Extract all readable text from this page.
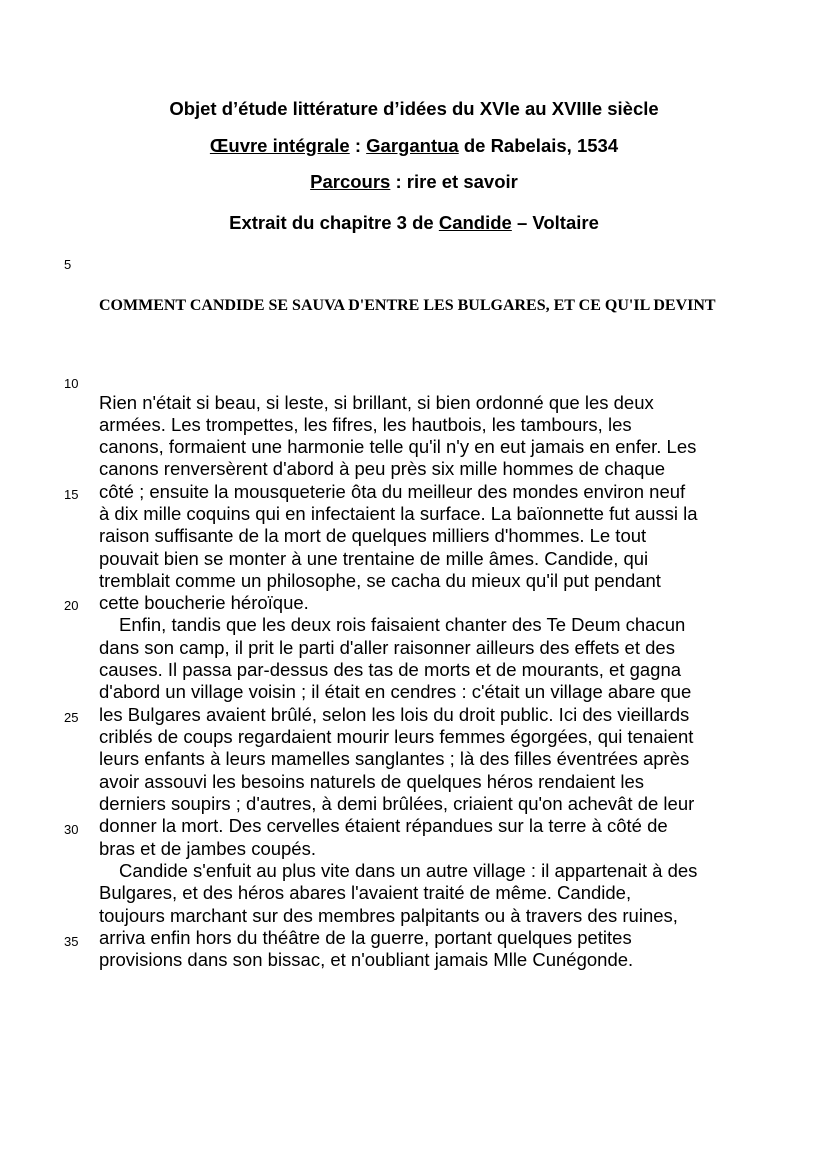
Objet d’étude littérature d’idées du XVIe au XVIIIe siècle
Œuvre intégrale : Gargantua de Rabelais, 1534
Parcours : rire et savoir
Extrait du chapitre 3 de Candide – Voltaire
5
10
15
20
25
30
35
COMMENT CANDIDE SE SAUVA D'ENTRE LES BULGARES, ET CE QU'IL DEVINT
Rien n'était si beau, si leste, si brillant, si bien ordonné que les deux
armées. Les trompettes, les fifres, les hautbois, les tambours, les
canons, formaient une harmonie telle qu'il n'y en eut jamais en enfer. Les
canons renversèrent d'abord à peu près six mille hommes de chaque
côté ; ensuite la mousqueterie ôta du meilleur des mondes environ neuf
à dix mille coquins qui en infectaient la surface. La baïonnette fut aussi la
raison suffisante de la mort de quelques milliers d'hommes. Le tout
pouvait bien se monter à une trentaine de mille âmes. Candide, qui
tremblait comme un philosophe, se cacha du mieux qu'il put pendant
cette boucherie héroïque.
Enfin, tandis que les deux rois faisaient chanter des Te Deum chacun
dans son camp, il prit le parti d'aller raisonner ailleurs des effets et des
causes. Il passa par-dessus des tas de morts et de mourants, et gagna
d'abord un village voisin ; il était en cendres : c'était un village abare que
les Bulgares avaient brûlé, selon les lois du droit public. Ici des vieillards
criblés de coups regardaient mourir leurs femmes égorgées, qui tenaient
leurs enfants à leurs mamelles sanglantes ; là des filles éventrées après
avoir assouvi les besoins naturels de quelques héros rendaient les
derniers soupirs ; d'autres, à demi brûlées, criaient qu'on achevât de leur
donner la mort. Des cervelles étaient répandues sur la terre à côté de
bras et de jambes coupés.
Candide s'enfuit au plus vite dans un autre village : il appartenait à des
Bulgares, et des héros abares l'avaient traité de même. Candide,
toujours marchant sur des membres palpitants ou à travers des ruines,
arriva enfin hors du théâtre de la guerre, portant quelques petites
provisions dans son bissac, et n'oubliant jamais Mlle Cunégonde.
